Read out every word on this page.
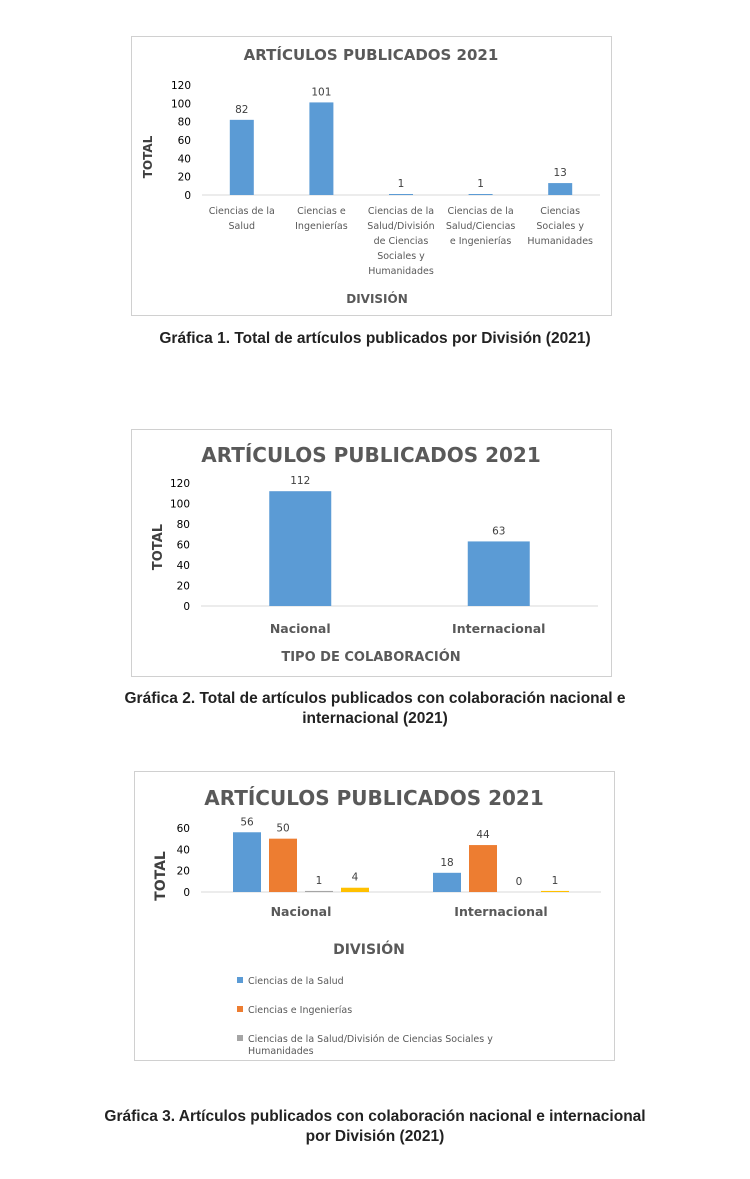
ARTÍCULOS PUBLICADOS 2021
0
20
40
60
80
100
120
TOTAL
82
Ciencias de la
Salud
101
Ciencias e
Ingenierías
1
Ciencias de la
Salud/División
de Ciencias
Sociales y
Humanidades
1
Ciencias de la
Salud/Ciencias
e Ingenierías
13
Ciencias
Sociales y
Humanidades
DIVISIÓN
Gráfica 1. Total de artículos publicados por División (2021)
ARTÍCULOS PUBLICADOS 2021
0
20
40
60
80
100
120
TOTAL
112
Nacional
63
Internacional
TIPO DE COLABORACIÓN
Gráfica 2. Total de artículos publicados con colaboración nacional e
internacional (2021)
ARTÍCULOS PUBLICADOS 2021
0
20
40
60
TOTAL
56
50
1	4
Nacional
18
44
0	1
Internacional
DIVISIÓN
Ciencias de la Salud
Ciencias e Ingenierías
Ciencias de la Salud/División de Ciencias Sociales y
Humanidades
Gráfica 3. Artículos publicados con colaboración nacional e internacional
por División (2021)
